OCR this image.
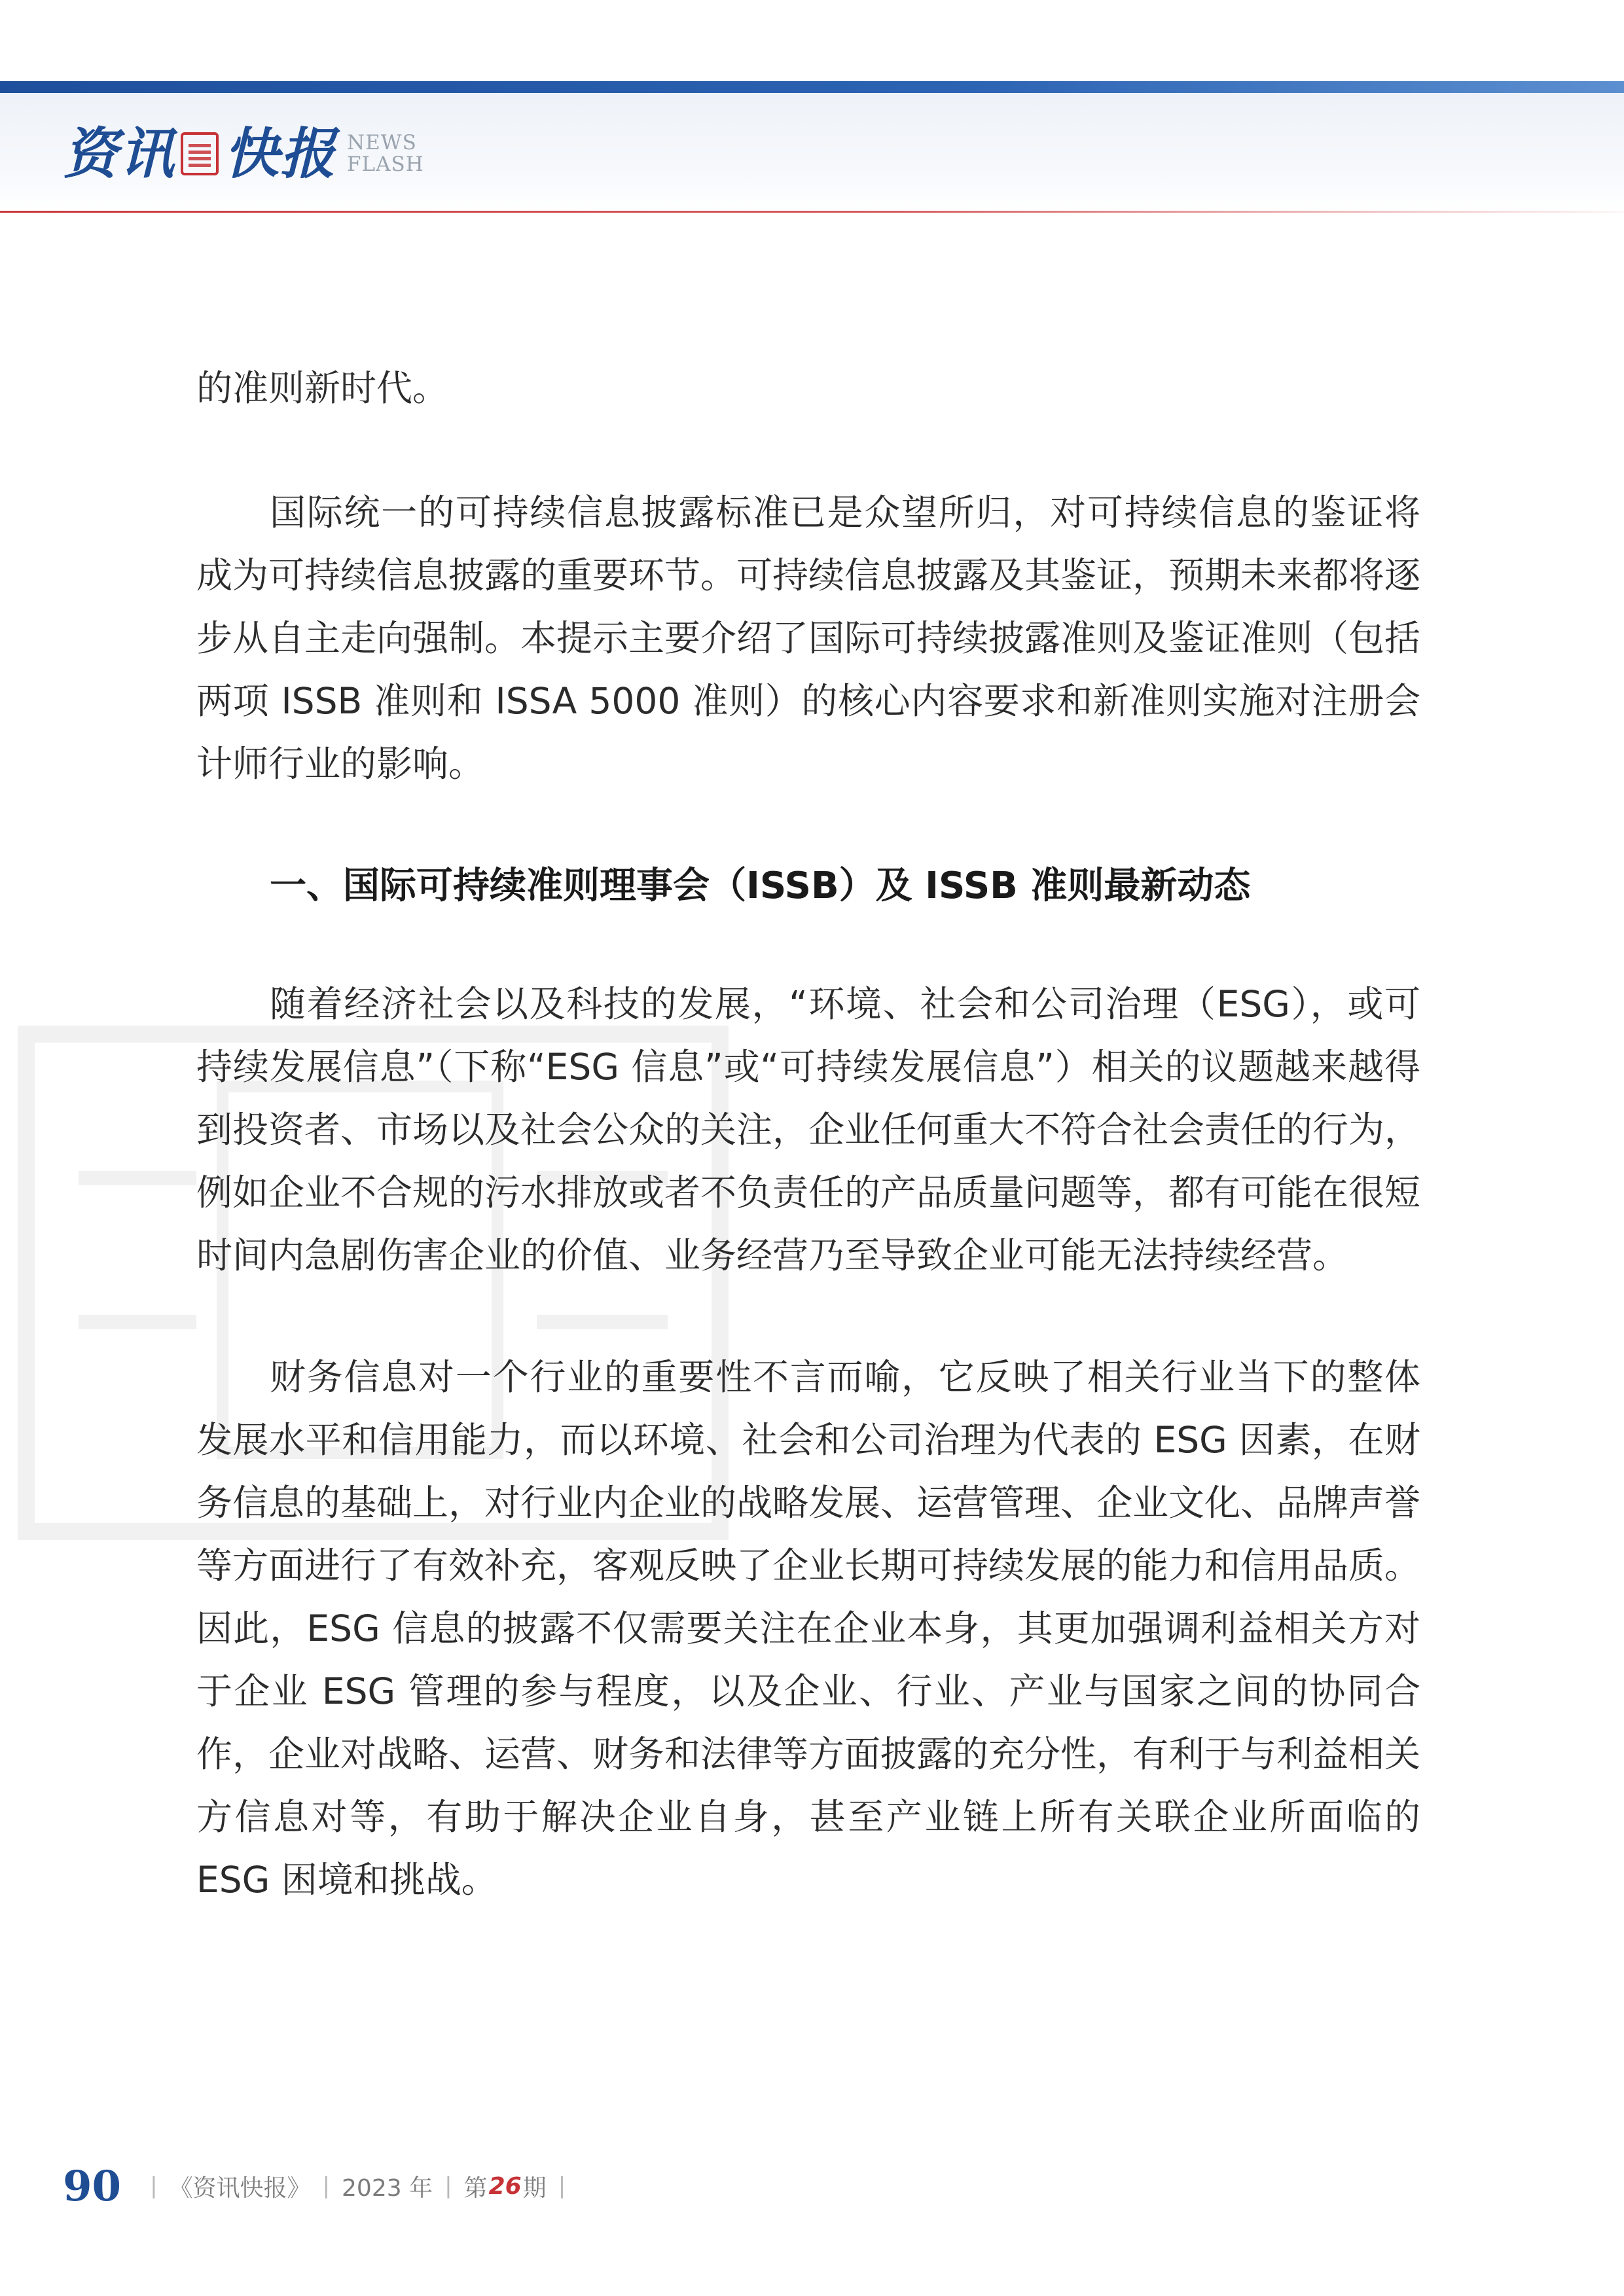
资讯 快报 NEWS
FLASH

的准则新时代。

国际统一的可持续信息披露标准已是众望所归，对可持续信息的鉴证将成为可持续信息披露的重要环节。可持续信息披露及其鉴证，预期未来都将逐步从自主走向强制。本提示主要介绍了国际可持续披露准则及鉴证准则（包括两项 ISSB 准则和 ISSA 5000 准则）的核心内容要求和新准则实施对注册会计师行业的影响。

一、国际可持续准则理事会（ISSB）及 ISSB 准则最新动态

随着经济社会以及科技的发展，“环境、社会和公司治理（ESG），或可持续发展信息”（下称“ESG 信息”或“可持续发展信息”）相关的议题越来越得到投资者、市场以及社会公众的关注，企业任何重大不符合社会责任的行为，例如企业不合规的污水排放或者不负责任的产品质量问题等，都有可能在很短时间内急剧伤害企业的价值、业务经营乃至导致企业可能无法持续经营。

财务信息对一个行业的重要性不言而喻，它反映了相关行业当下的整体发展水平和信用能力，而以环境、社会和公司治理为代表的 ESG 因素，在财务信息的基础上，对行业内企业的战略发展、运营管理、企业文化、品牌声誉等方面进行了有效补充，客观反映了企业长期可持续发展的能力和信用品质。因此，ESG 信息的披露不仅需要关注在企业本身，其更加强调利益相关方对于企业 ESG 管理的参与程度，以及企业、行业、产业与国家之间的协同合作，企业对战略、运营、财务和法律等方面披露的充分性，有利于与利益相关方信息对等，有助于解决企业自身，甚至产业链上所有关联企业所面临的 ESG 困境和挑战。

90 | 《资讯快报》 | 2023 年 | 第 26 期 |
